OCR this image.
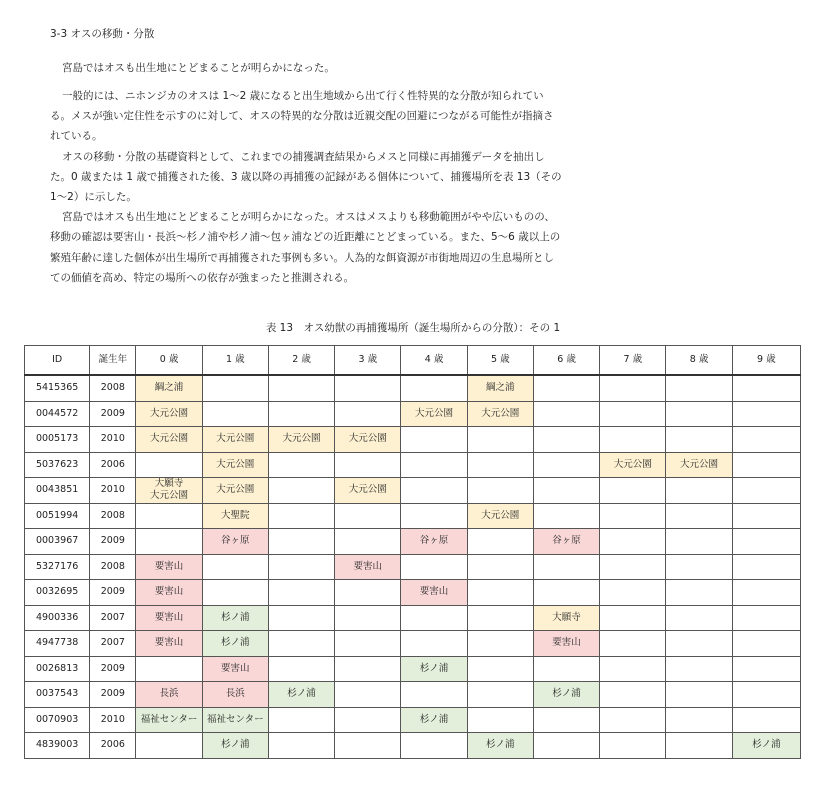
3-3 オスの移動・分散
宮島ではオスも出生地にとどまることが明らかになった。

一般的には、ニホンジカのオスは 1～2 歳になると出生地域から出て行く性特異的な分散が知られている。メスが強い定住性を示すのに対して、オスの特異的な分散は近親交配の回避につながる可能性が指摘されている。

オスの移動・分散の基礎資料として、これまでの捕獲調査結果からメスと同様に再捕獲データを抽出した。0 歳または 1 歳で捕獲された後、3 歳以降の再捕獲の記録がある個体について、捕獲場所を表 13（その 1～2）に示した。

宮島ではオスも出生地にとどまることが明らかになった。オスはメスよりも移動範囲がやや広いものの、移動の確認は要害山・長浜～杉ノ浦や杉ノ浦～包ヶ浦などの近距離にとどまっている。また、5～6 歳以上の繁殖年齢に達した個体が出生場所で再捕獲された事例も多い。人為的な餌資源が市街地周辺の生息場所としての価値を高め、特定の場所への依存が強まったと推測される。

表 13　オス幼獣の再捕獲場所（誕生場所からの分散）：その 1
ID	誕生年	0 歳	1 歳	2 歳	3 歳	4 歳	5 歳	6 歳	7 歳	8 歳	9 歳
5415365	2008	綱之浦					綱之浦				
0044572	2009	大元公園				大元公園	大元公園				
0005173	2010	大元公園	大元公園	大元公園	大元公園						
5037623	2006		大元公園						大元公園	大元公園	
0043851	2010	大願寺
大元公園	大元公園		大元公園						
0051994	2008		大聖院				大元公園				
0003967	2009		谷ヶ原			谷ヶ原		谷ヶ原			
5327176	2008	要害山			要害山						
0032695	2009	要害山				要害山					
4900336	2007	要害山	杉ノ浦					大願寺			
4947738	2007	要害山	杉ノ浦					要害山			
0026813	2009		要害山			杉ノ浦					
0037543	2009	長浜	長浜	杉ノ浦				杉ノ浦			
0070903	2010	福祉センター	福祉センター			杉ノ浦					
4839003	2006		杉ノ浦				杉ノ浦				杉ノ浦
